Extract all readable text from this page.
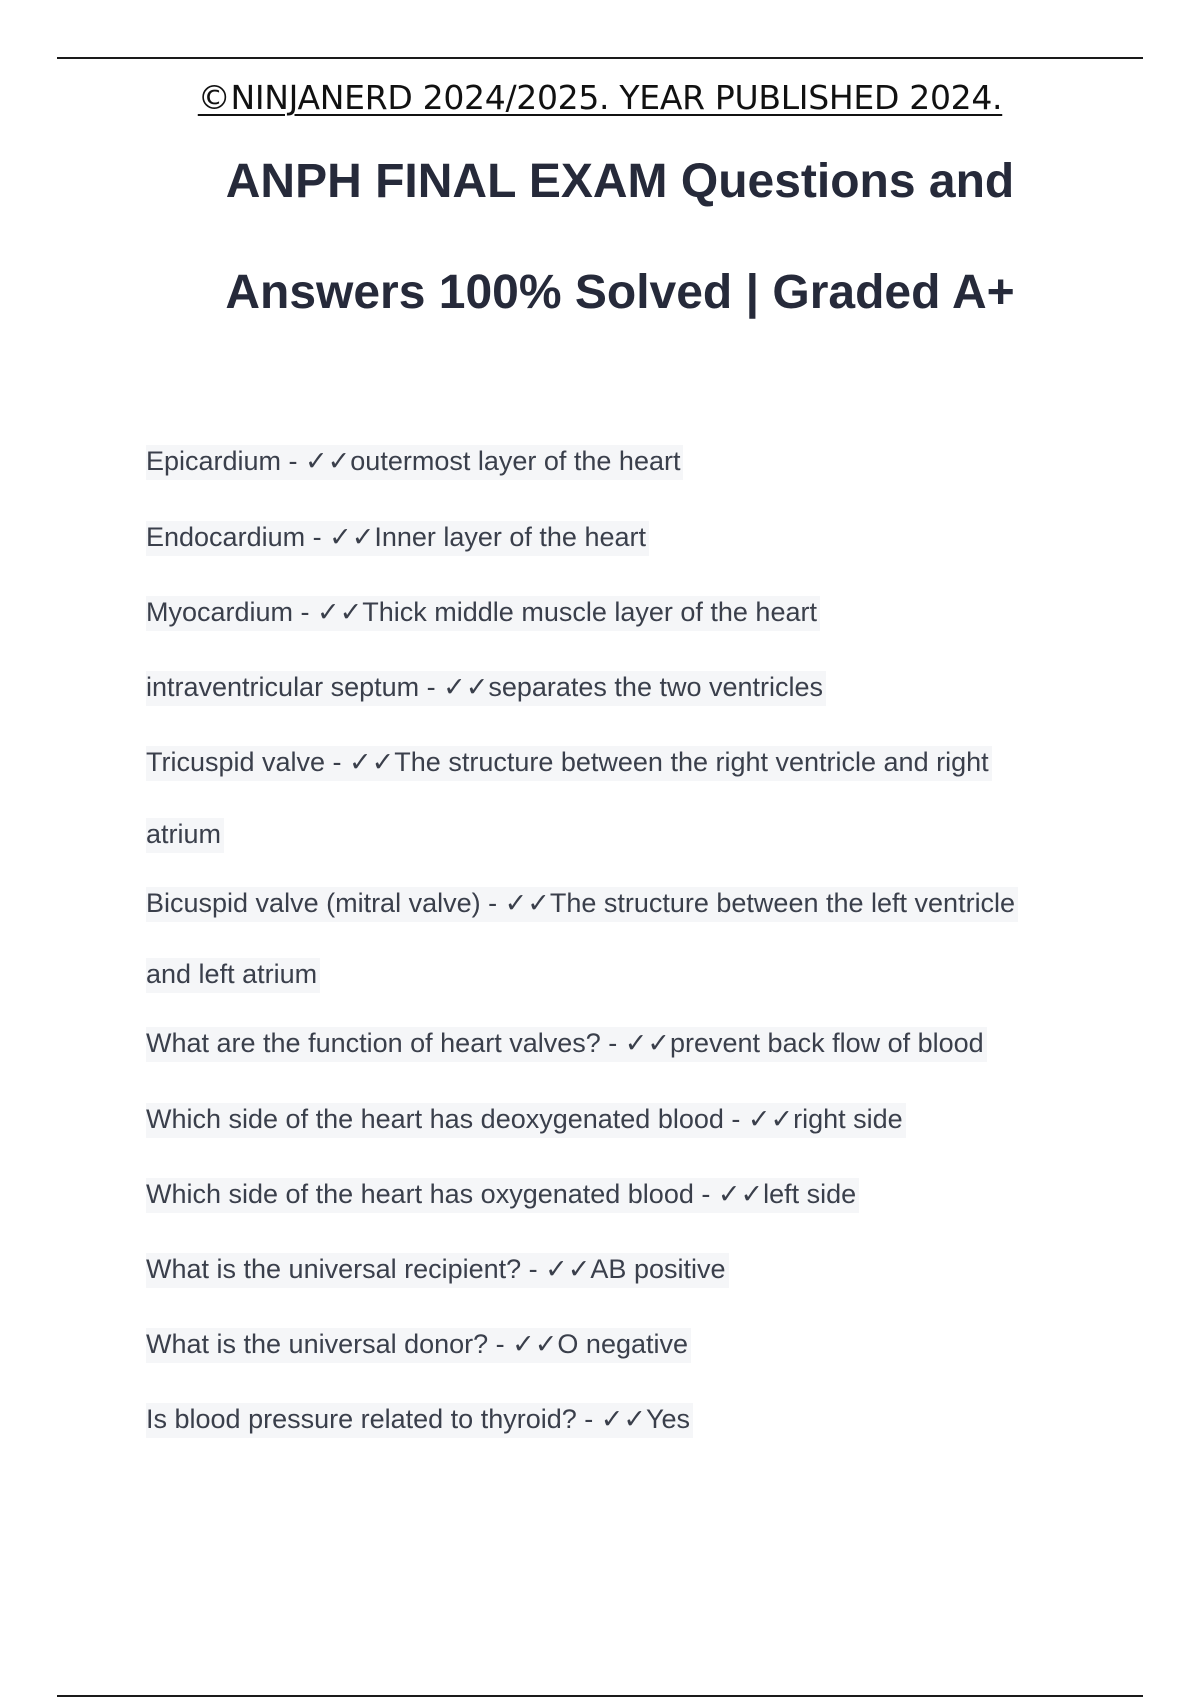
©NINJANERD 2024/2025. YEAR PUBLISHED 2024.
ANPH FINAL EXAM Questions and
Answers 100% Solved | Graded A+

Epicardium - ✓✓outermost layer of the heart

Endocardium - ✓✓Inner layer of the heart

Myocardium - ✓✓Thick middle muscle layer of the heart

intraventricular septum - ✓✓separates the two ventricles

Tricuspid valve - ✓✓The structure between the right ventricle and right

atrium

Bicuspid valve (mitral valve) - ✓✓The structure between the left ventricle

and left atrium

What are the function of heart valves? - ✓✓prevent back flow of blood

Which side of the heart has deoxygenated blood - ✓✓right side

Which side of the heart has oxygenated blood - ✓✓left side

What is the universal recipient? - ✓✓AB positive

What is the universal donor? - ✓✓O negative

Is blood pressure related to thyroid? - ✓✓Yes
